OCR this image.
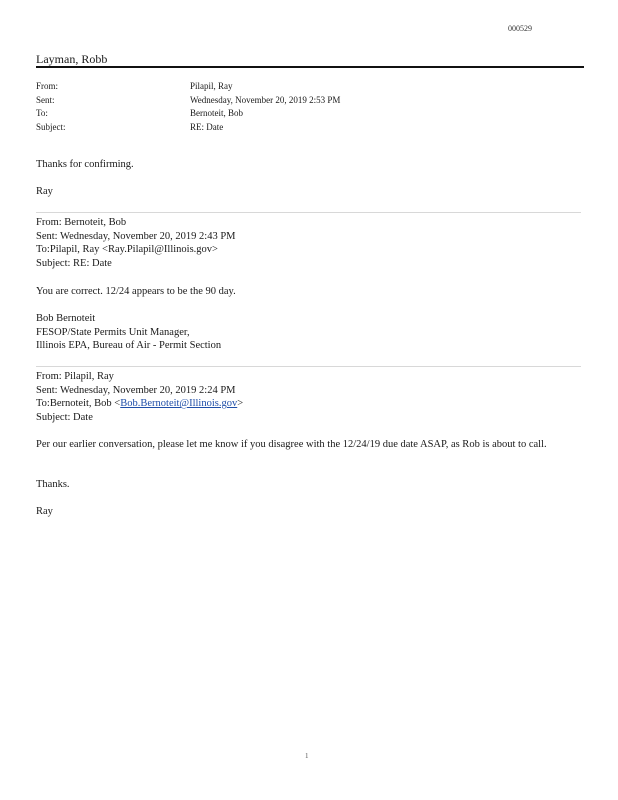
000529
Layman, Robb
From:	Pilapil, Ray
Sent:	Wednesday, November 20, 2019 2:53 PM
To:	Bernoteit, Bob
Subject:	RE: Date
Thanks for confirming.
Ray

From: Bernoteit, Bob

Sent: Wednesday, November 20, 2019 2:43 PM

To:Pilapil, Ray <Ray.Pilapil@Illinois.gov>

Subject: RE: Date

You are correct. 12/24 appears to be the 90 day.

Bob Bernoteit

FESOP/State Permits Unit Manager,

Illinois EPA, Bureau of Air - Permit Section

From: Pilapil, Ray

Sent: Wednesday, November 20, 2019 2:24 PM

To:Bernoteit, Bob <Bob.Bernoteit@Illinois.gov>

Subject: Date

Per our earlier conversation, please let me know if you disagree with the 12/24/19 due date ASAP, as Rob is about to call.
Thanks.
Ray
1
